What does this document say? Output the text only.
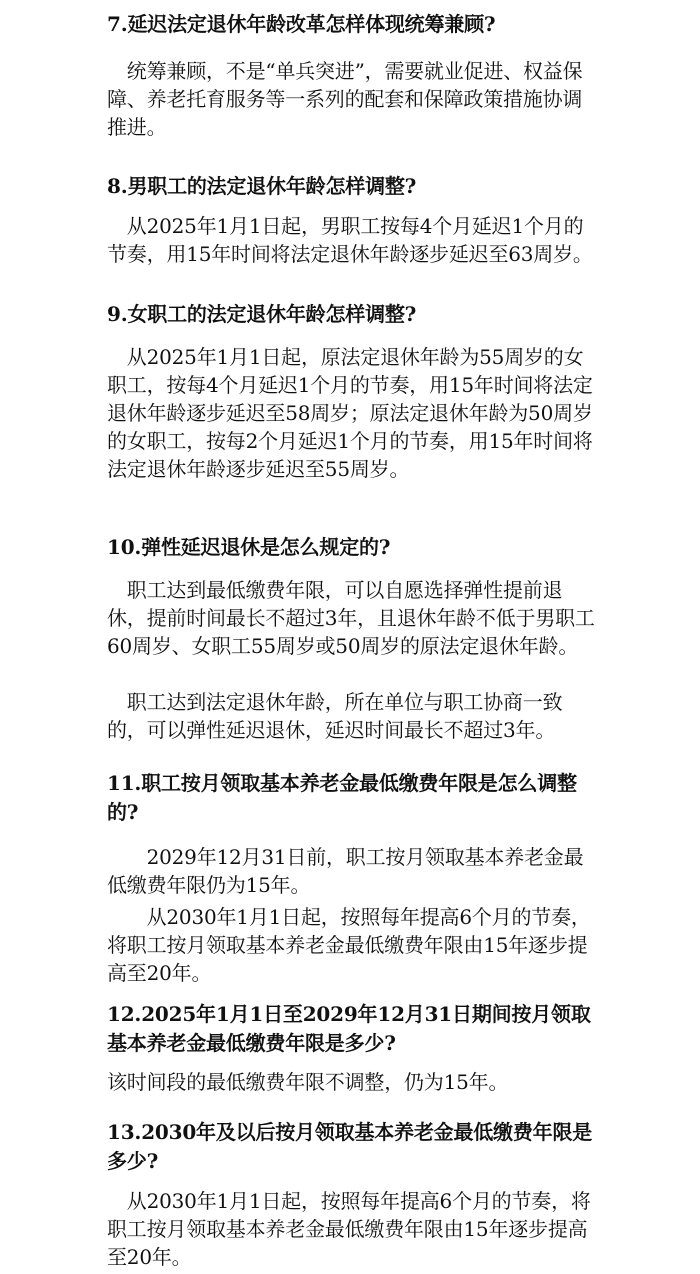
7.延迟法定退休年龄改革怎样体现统筹兼顾?

　统筹兼顾，不是“单兵突进”，需要就业促进、权益保障、养老托育服务等一系列的配套和保障政策措施协调推进。

8.男职工的法定退休年龄怎样调整?

　从2025年1月1日起，男职工按每4个月延迟1个月的节奏，用15年时间将法定退休年龄逐步延迟至63周岁。

9.女职工的法定退休年龄怎样调整?

　从2025年1月1日起，原法定退休年龄为55周岁的女职工，按每4个月延迟1个月的节奏，用15年时间将法定退休年龄逐步延迟至58周岁；原法定退休年龄为50周岁的女职工，按每2个月延迟1个月的节奏，用15年时间将法定退休年龄逐步延迟至55周岁。

10.弹性延迟退休是怎么规定的?

　职工达到最低缴费年限，可以自愿选择弹性提前退休，提前时间最长不超过3年，且退休年龄不低于男职工60周岁、女职工55周岁或50周岁的原法定退休年龄。

　职工达到法定退休年龄，所在单位与职工协商一致的，可以弹性延迟退休，延迟时间最长不超过3年。

11.职工按月领取基本养老金最低缴费年限是怎么调整的?

　　2029年12月31日前，职工按月领取基本养老金最低缴费年限仍为15年。

　　从2030年1月1日起，按照每年提高6个月的节奏，将职工按月领取基本养老金最低缴费年限由15年逐步提高至20年。

12.2025年1月1日至2029年12月31日期间按月领取基本养老金最低缴费年限是多少?

该时间段的最低缴费年限不调整，仍为15年。

13.2030年及以后按月领取基本养老金最低缴费年限是多少?

　从2030年1月1日起，按照每年提高6个月的节奏，将职工按月领取基本养老金最低缴费年限由15年逐步提高至20年。
